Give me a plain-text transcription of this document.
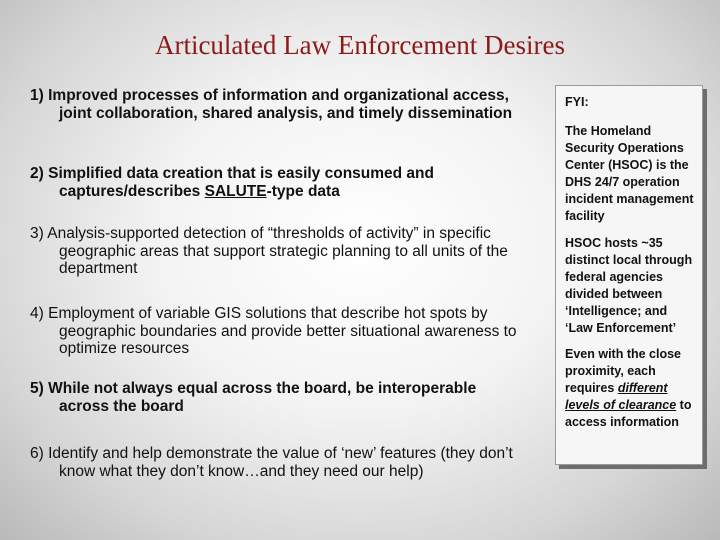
Articulated Law Enforcement Desires
1) Improved processes of information and organizational access, joint collaboration, shared analysis, and timely dissemination
2) Simplified data creation that is easily consumed and captures/describes SALUTE-type data
3) Analysis-supported detection of “thresholds of activity” in specific geographic areas that support strategic planning to all units of the department
4) Employment of variable GIS solutions that describe hot spots by geographic boundaries and provide better situational awareness to optimize resources
5) While not always equal across the board, be interoperable across the board
6) Identify and help demonstrate the value of ‘new’ features (they don’t know what they don’t know…and they need our help)

FYI:

The Homeland Security Operations Center (HSOC) is the DHS 24/7 operation incident management facility

HSOC hosts ~35 distinct local through federal agencies divided between ‘Intelligence; and ‘Law Enforcement’

Even with the close proximity, each requires different levels of clearance to access information
